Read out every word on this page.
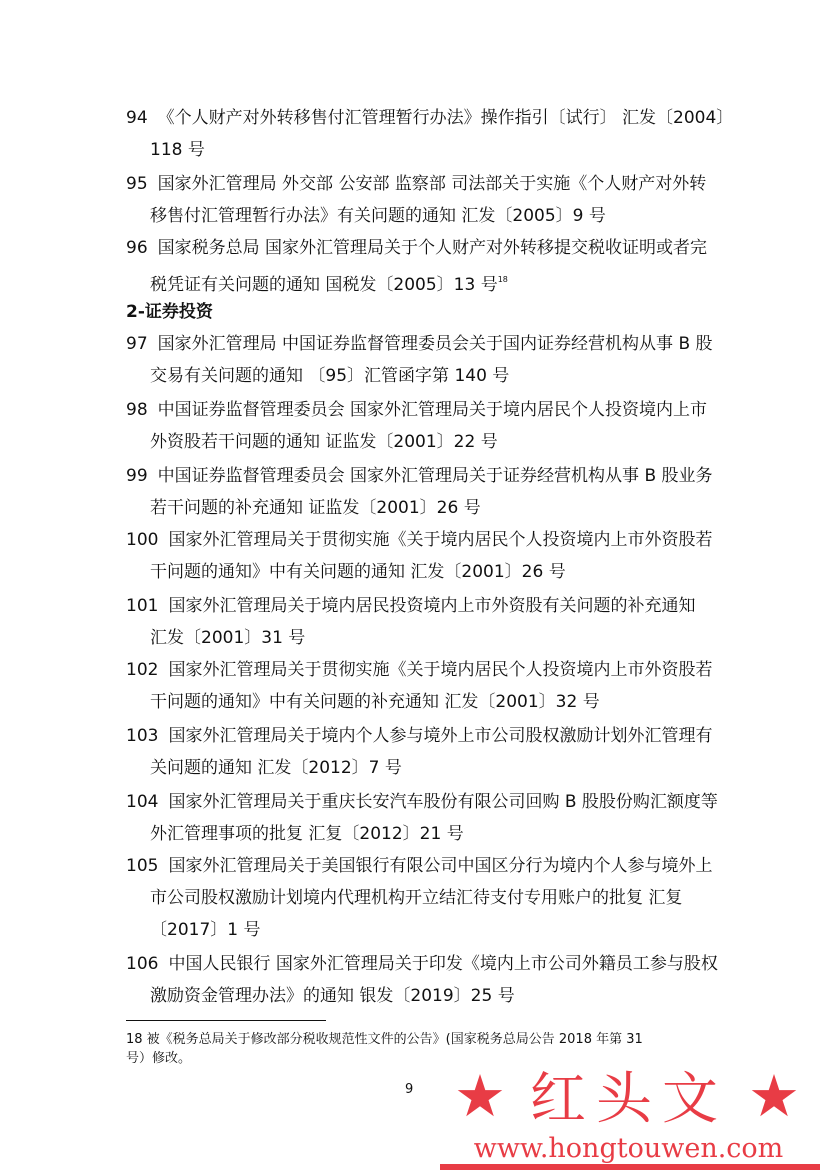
94 《个人财产对外转移售付汇管理暂行办法》操作指引〔试行〕 汇发〔2004〕
118 号
95 国家外汇管理局 外交部 公安部 监察部 司法部关于实施《个人财产对外转
移售付汇管理暂行办法》有关问题的通知 汇发〔2005〕9 号
96 国家税务总局 国家外汇管理局关于个人财产对外转移提交税收证明或者完
税凭证有关问题的通知 国税发〔2005〕13 号$^{18}$
2-证券投资
97 国家外汇管理局 中国证券监督管理委员会关于国内证券经营机构从事 B 股
交易有关问题的通知 〔95〕汇管函字第 140 号
98 中国证券监督管理委员会 国家外汇管理局关于境内居民个人投资境内上市
外资股若干问题的通知 证监发〔2001〕22 号
99 中国证券监督管理委员会 国家外汇管理局关于证券经营机构从事 B 股业务
若干问题的补充通知 证监发〔2001〕26 号
100 国家外汇管理局关于贯彻实施《关于境内居民个人投资境内上市外资股若
干问题的通知》中有关问题的通知 汇发〔2001〕26 号
101 国家外汇管理局关于境内居民投资境内上市外资股有关问题的补充通知
汇发〔2001〕31 号
102 国家外汇管理局关于贯彻实施《关于境内居民个人投资境内上市外资股若
干问题的通知》中有关问题的补充通知 汇发〔2001〕32 号
103 国家外汇管理局关于境内个人参与境外上市公司股权激励计划外汇管理有
关问题的通知 汇发〔2012〕7 号
104 国家外汇管理局关于重庆长安汽车股份有限公司回购 B 股股份购汇额度等
外汇管理事项的批复 汇复〔2012〕21 号
105 国家外汇管理局关于美国银行有限公司中国区分行为境内个人参与境外上
市公司股权激励计划境内代理机构开立结汇待支付专用账户的批复 汇复
〔2017〕1 号
106 中国人民银行 国家外汇管理局关于印发《境内上市公司外籍员工参与股权
激励资金管理办法》的通知 银发〔2019〕25 号
18 被《税务总局关于修改部分税收规范性文件的公告》(国家税务总局公告 2018 年第 31
号）修改。
9 ★ 红头文 ★
www.hongtouwen.com
